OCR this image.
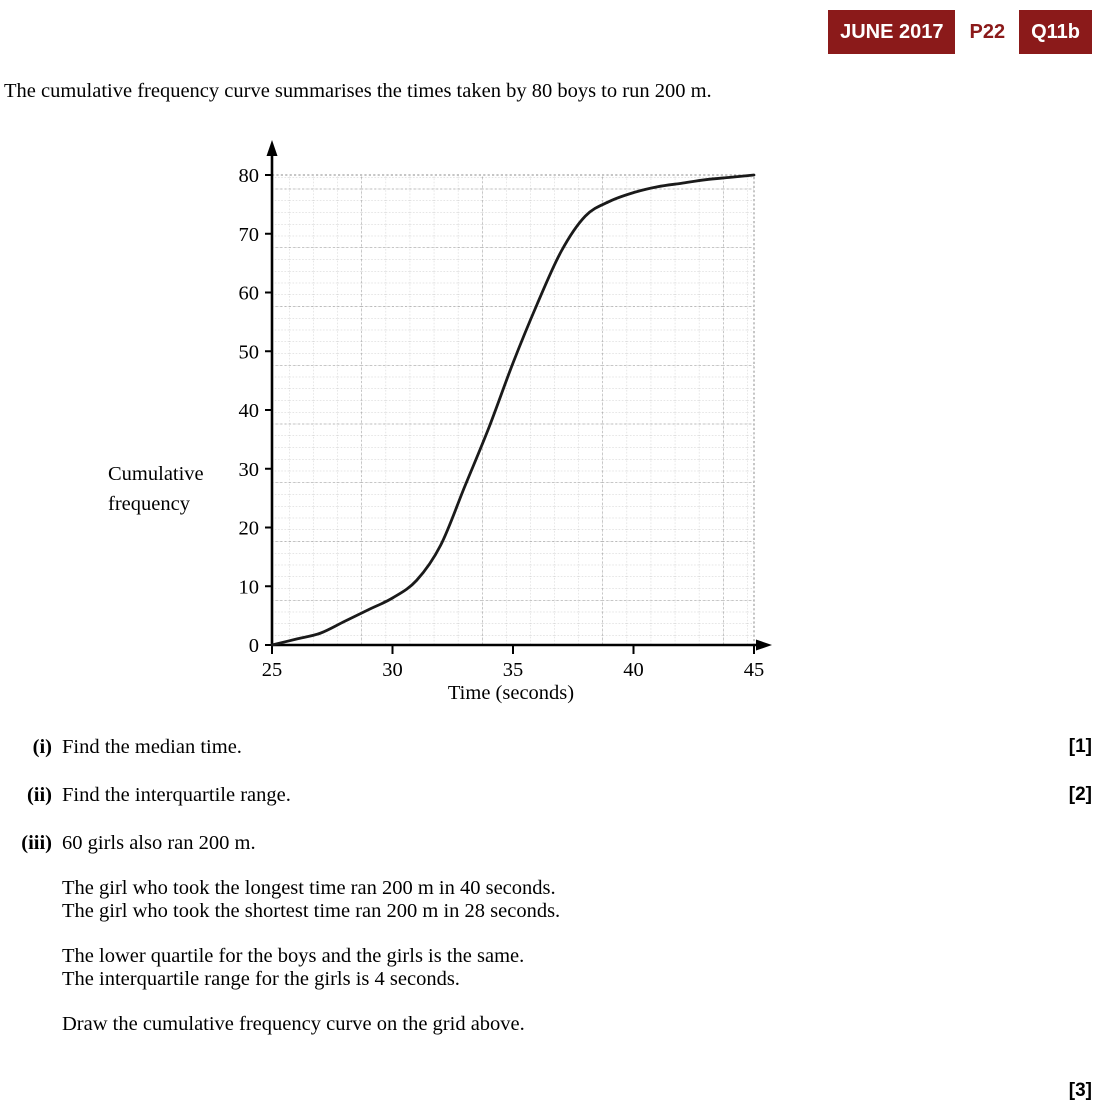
JUNE 2017	P22	Q11b
The cumulative frequency curve summarises the times taken by 80 boys to run 200 m.
Cumulative
frequency
0
10
20
30
40
50
60
70
80
25	30	35	40	45
Time (seconds)
(i) Find the median time.	[1]
(ii) Find the interquartile range.	[2]
(iii) 60 girls also ran 200 m.
The girl who took the longest time ran 200 m in 40 seconds.
The girl who took the shortest time ran 200 m in 28 seconds.
The lower quartile for the boys and the girls is the same.
The interquartile range for the girls is 4 seconds.
Draw the cumulative frequency curve on the grid above.
[3]
